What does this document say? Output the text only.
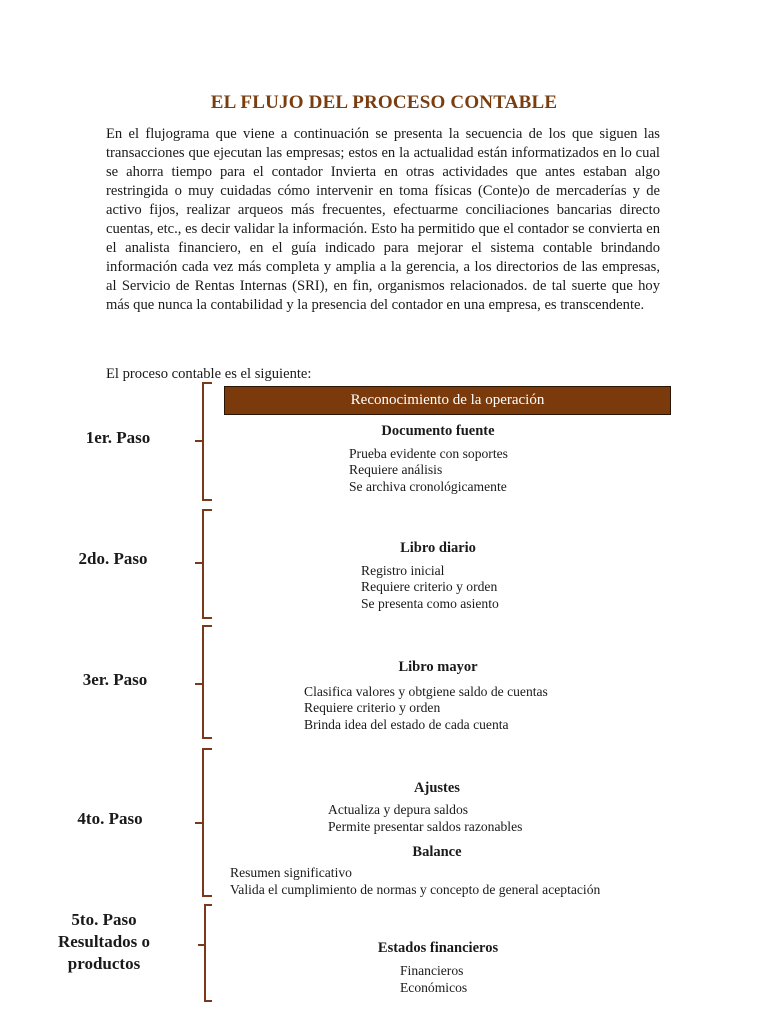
EL FLUJO DEL PROCESO CONTABLE

En el flujograma que viene a continuación se presenta la secuencia de los que siguen las transacciones que ejecutan las empresas; estos en la actualidad están informatizados en lo cual se ahorra tiempo para el contador Invierta en otras actividades que antes estaban algo restringida o muy cuidadas cómo intervenir en toma físicas (Conte)o de mercaderías y de activo fijos, realizar arqueos más frecuentes, efectuarme conciliaciones bancarias directo cuentas, etc., es decir validar la información. Esto ha permitido que el contador se convierta en el analista financiero, en el guía indicado para mejorar el sistema contable brindando información cada vez más completa y amplia a la gerencia, a los directorios de las empresas, al Servicio de Rentas Internas (SRI), en fin, organismos relacionados. de tal suerte que hoy más que nunca la contabilidad y la presencia del contador en una empresa, es transcendente.

El proceso contable es el siguiente:

Reconocimiento de la operación
1er. Paso	Documento fuente
Prueba evidente con soportes
Requiere análisis
Se archiva cronológicamente
2do. Paso
Libro diario
Registro inicial
Requiere criterio y orden
Se presenta como asiento
3er. Paso
Libro mayor
Clasifica valores y obtgiene saldo de cuentas
Requiere criterio y orden
Brinda idea del estado de cada cuenta
4to. Paso
Ajustes
Actualiza y depura saldos
Permite presentar saldos razonables
Balance
Resumen significativo
Valida el cumplimiento de normas y concepto de general aceptación
5to. Paso
Resultados o
productos
Estados financieros
Financieros
Económicos
